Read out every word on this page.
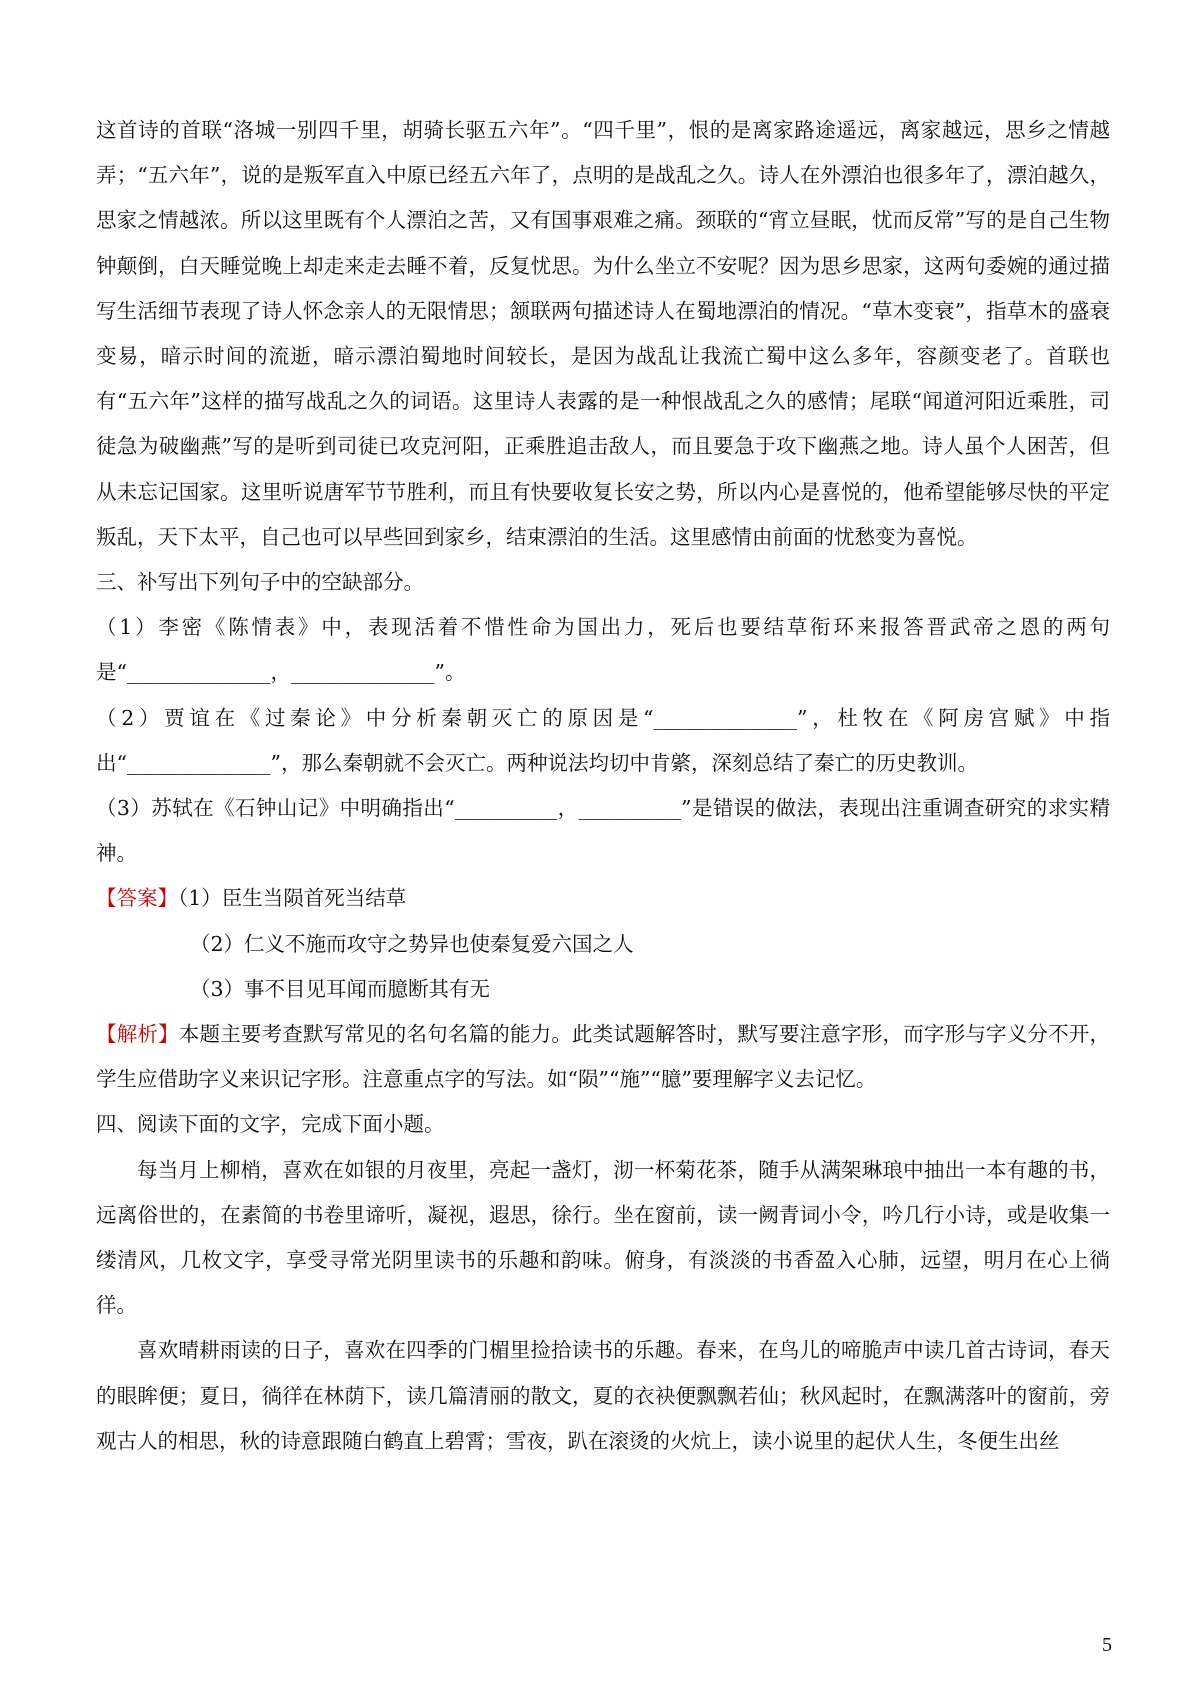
这首诗的首联“洛城一别四千里，胡骑长驱五六年”。“四千里”，恨的是离家路途遥远，离家越远，思乡之情越弄；“五六年”，说的是叛军直入中原已经五六年了，点明的是战乱之久。诗人在外漂泊也很多年了，漂泊越久，思家之情越浓。所以这里既有个人漂泊之苦，又有国事艰难之痛。颈联的“宵立昼眠，忧而反常”写的是自己生物钟颠倒，白天睡觉晚上却走来走去睡不着，反复忧思。为什么坐立不安呢？因为思乡思家，这两句委婉的通过描写生活细节表现了诗人怀念亲人的无限情思；颔联两句描述诗人在蜀地漂泊的情况。“草木变衰”，指草木的盛衰变易，暗示时间的流逝，暗示漂泊蜀地时间较长，是因为战乱让我流亡蜀中这么多年，容颜变老了。首联也有“五六年”这样的描写战乱之久的词语。这里诗人表露的是一种恨战乱之久的感情；尾联“闻道河阳近乘胜，司徒急为破幽燕”写的是听到司徒已攻克河阳，正乘胜追击敌人，而且要急于攻下幽燕之地。诗人虽个人困苦，但从未忘记国家。这里听说唐军节节胜利，而且有快要收复长安之势，所以内心是喜悦的，他希望能够尽快的平定叛乱，天下太平，自己也可以早些回到家乡，结束漂泊的生活。这里感情由前面的忧愁变为喜悦。

三、补写出下列句子中的空缺部分。

（1）李密《陈情表》中，表现活着不惜性命为国出力，死后也要结草衔环来报答晋武帝之恩的两句是“______________，______________”。

（2）贾谊在《过秦论》中分析秦朝灭亡的原因是“______________”，杜牧在《阿房宫赋》中指出“______________”，那么秦朝就不会灭亡。两种说法均切中肯綮，深刻总结了秦亡的历史教训。

（3）苏轼在《石钟山记》中明确指出“__________，__________”是错误的做法，表现出注重调查研究的求实精神。

【答案】（1）臣生当陨首死当结草

（2）仁义不施而攻守之势异也使秦复爱六国之人

（3）事不目见耳闻而臆断其有无

【解析】本题主要考查默写常见的名句名篇的能力。此类试题解答时，默写要注意字形，而字形与字义分不开，学生应借助字义来识记字形。注意重点字的写法。如“陨”“施”“臆”要理解字义去记忆。

四、阅读下面的文字，完成下面小题。

每当月上柳梢，喜欢在如银的月夜里，亮起一盏灯，沏一杯菊花茶，随手从满架琳琅中抽出一本有趣的书，远离俗世的，在素简的书卷里谛听，凝视，遐思，徐行。坐在窗前，读一阙青词小令，吟几行小诗，或是收集一缕清风，几枚文字，享受寻常光阴里读书的乐趣和韵味。俯身，有淡淡的书香盈入心肺，远望，明月在心上徜徉。

喜欢晴耕雨读的日子，喜欢在四季的门楣里捡拾读书的乐趣。春来，在鸟儿的啼脆声中读几首古诗词，春天的眼眸便；夏日，徜徉在林荫下，读几篇清丽的散文，夏的衣袂便飘飘若仙；秋风起时，在飘满落叶的窗前，旁观古人的相思，秋的诗意跟随白鹤直上碧霄；雪夜，趴在滚烫的火炕上，读小说里的起伏人生，冬便生出丝

5
